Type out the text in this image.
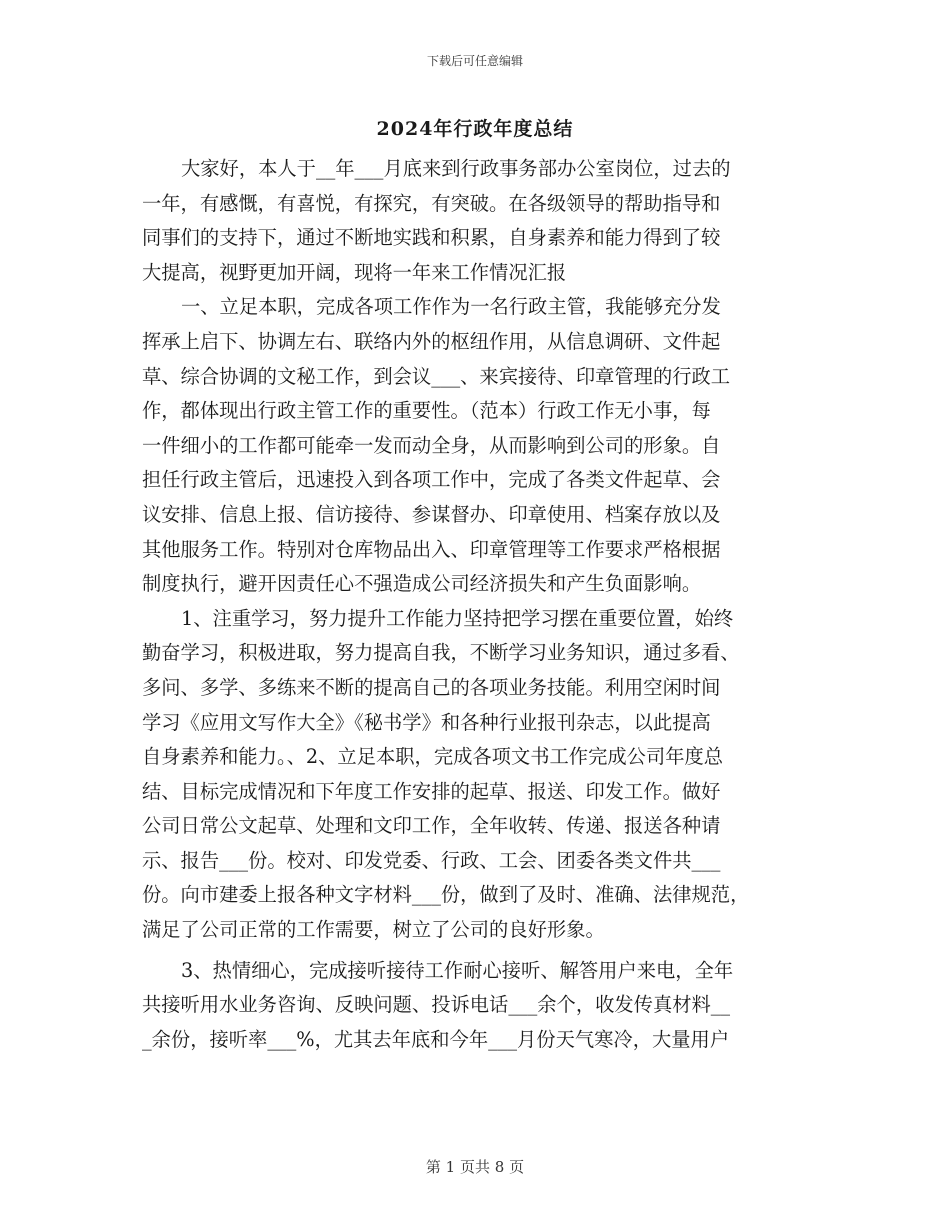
下载后可任意编辑
2024年行政年度总结
大家好，本人于__年___月底来到行政事务部办公室岗位，过去的
一年，有感慨，有喜悦，有探究，有突破。在各级领导的帮助指导和
同事们的支持下，通过不断地实践和积累，自身素养和能力得到了较
大提高，视野更加开阔，现将一年来工作情况汇报
一、立足本职，完成各项工作作为一名行政主管，我能够充分发
挥承上启下、协调左右、联络内外的枢纽作用，从信息调研、文件起
草、综合协调的文秘工作，到会议___、来宾接待、印章管理的行政工
作，都体现出行政主管工作的重要性。（范本）行政工作无小事，每
一件细小的工作都可能牵一发而动全身，从而影响到公司的形象。自
担任行政主管后，迅速投入到各项工作中，完成了各类文件起草、会
议安排、信息上报、信访接待、参谋督办、印章使用、档案存放以及
其他服务工作。特别对仓库物品出入、印章管理等工作要求严格根据
制度执行，避开因责任心不强造成公司经济损失和产生负面影响。
1、注重学习，努力提升工作能力坚持把学习摆在重要位置，始终
勤奋学习，积极进取，努力提高自我，不断学习业务知识，通过多看、
多问、多学、多练来不断的提高自己的各项业务技能。利用空闲时间
学习《应用文写作大全》《秘书学》和各种行业报刊杂志，以此提高
自身素养和能力。、2、立足本职，完成各项文书工作完成公司年度总
结、目标完成情况和下年度工作安排的起草、报送、印发工作。做好
公司日常公文起草、处理和文印工作，全年收转、传递、报送各种请
示、报告___份。校对、印发党委、行政、工会、团委各类文件共___
份。向市建委上报各种文字材料___份，做到了及时、准确、法律规范，
满足了公司正常的工作需要，树立了公司的良好形象。
3、热情细心，完成接听接待工作耐心接听、解答用户来电，全年
共接听用水业务咨询、反映问题、投诉电话___余个，收发传真材料__
_余份，接听率___%，尤其去年底和今年___月份天气寒冷，大量用户
第 1 页共 8 页
